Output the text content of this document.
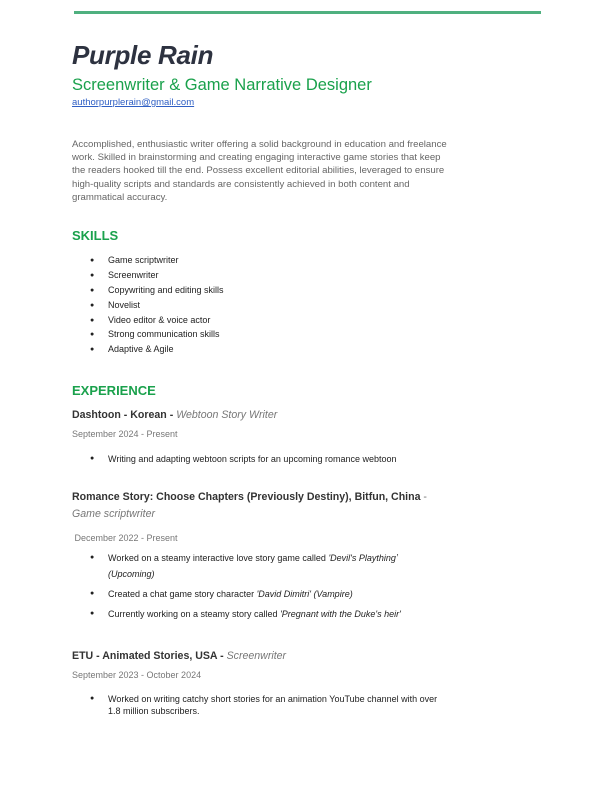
Purple Rain
Screenwriter & Game Narrative Designer
authorpurplerain@gmail.com
Accomplished, enthusiastic writer offering a solid background in education and freelance work. Skilled in brainstorming and creating engaging interactive game stories that keep the readers hooked till the end. Possess excellent editorial abilities, leveraged to ensure high-quality scripts and standards are consistently achieved in both content and grammatical accuracy.
SKILLS
● Game scriptwriter
● Screenwriter
● Copywriting and editing skills
● Novelist
● Video editor & voice actor
● Strong communication skills
● Adaptive & Agile
EXPERIENCE
Dashtoon - Korean - Webtoon Story Writer
September 2024 - Present
● Writing and adapting webtoon scripts for an upcoming romance webtoon
Romance Story: Choose Chapters (Previously Destiny), Bitfun, China - Game scriptwriter
December 2022 - Present
● Worked on a steamy interactive love story game called 'Devil's Playthingʼ (Upcoming)
● Created a chat game story character 'David Dimitri' (Vampire)
● Currently working on a steamy story called 'Pregnant with the Duke's heir'
ETU - Animated Stories, USA - Screenwriter
September 2023 - October 2024
● Worked on writing catchy short stories for an animation YouTube channel with over 1.8 million subscribers.
